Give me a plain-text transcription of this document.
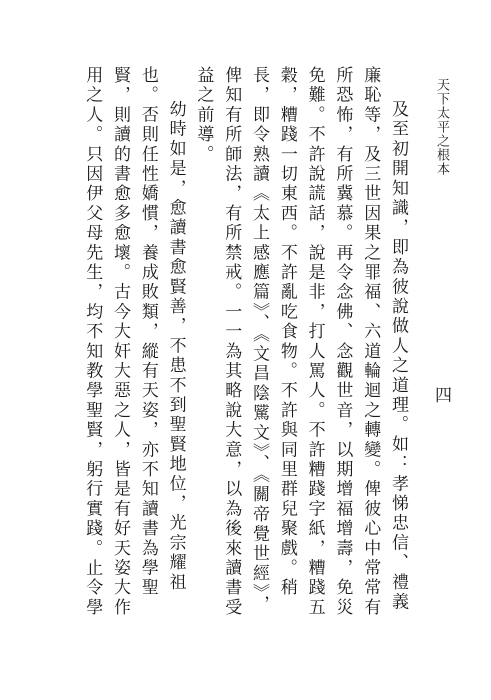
天下太平之根本
四

及至初開知識，即為彼說做人之道理。如：孝悌忠信、禮義廉恥等，及三世因果之罪福、六道輪迴之轉變。俾彼心中常常有所恐怖，有所冀慕。再令念佛、念觀世音，以期增福增壽，免災免難。不許說謊話，說是非，打人罵人。不許糟踐字紙，糟踐五穀，糟踐一切東西。不許亂吃食物。不許與同里群兒聚戲。稍長，即令熟讀《太上感應篇》、《文昌陰騭文》、《關帝覺世經》，俾知有所師法，有所禁戒。一一為其略說大意，以為後來讀書受益之前導。

幼時如是，愈讀書愈賢善，不患不到聖賢地位，光宗耀祖也。否則任性嬌慣，養成敗類，縱有天姿，亦不知讀書為學聖賢，則讀的書愈多愈壞。古今大奸大惡之人，皆是有好天姿大作用之人。只因伊父母先生，均不知教學聖賢，躬行實踐。止令學
